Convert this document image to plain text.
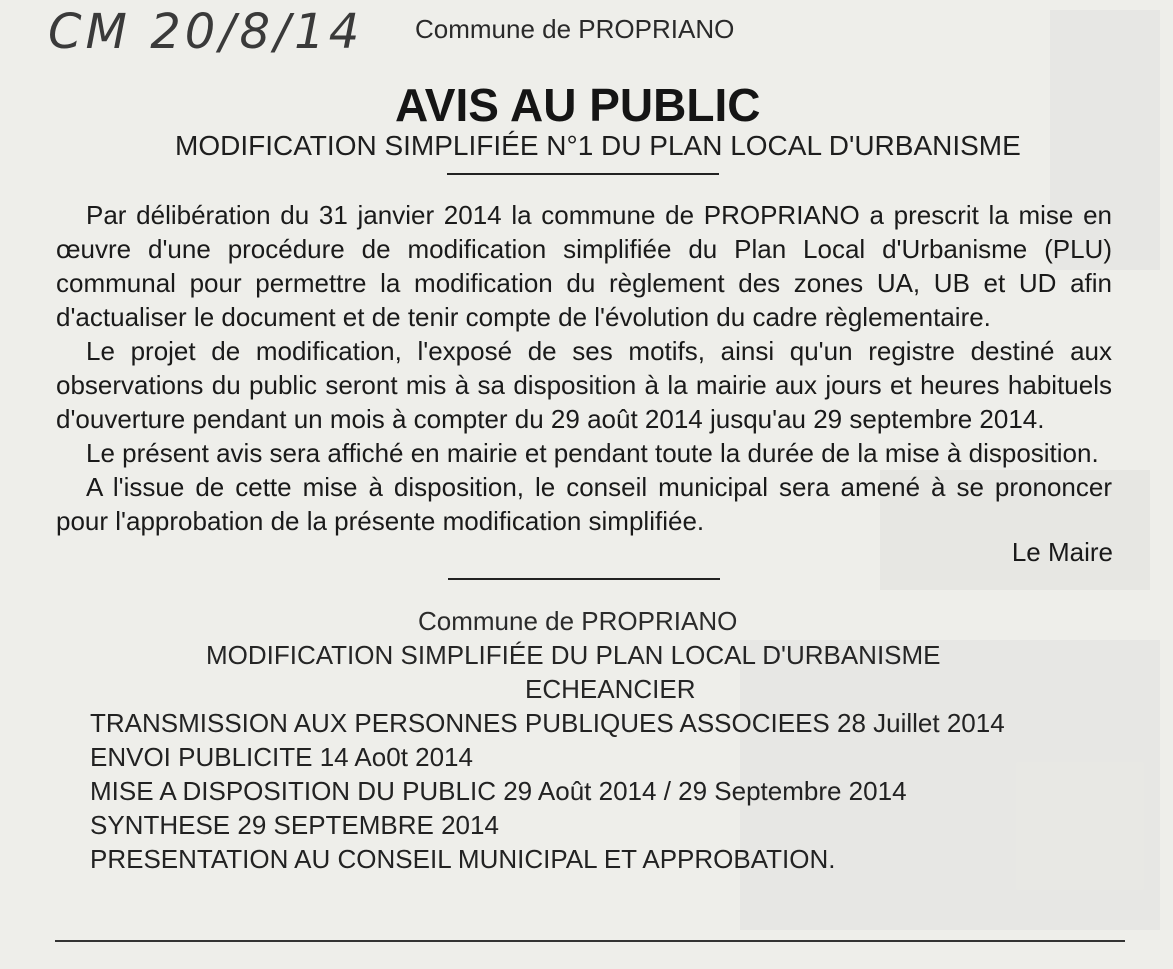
CM 20/8/14 Commune de PROPRIANO
AVIS AU PUBLIC
MODIFICATION SIMPLIFIÉE N°1 DU PLAN LOCAL D'URBANISME

Par délibération du 31 janvier 2014 la commune de PROPRIANO a prescrit la mise en œuvre d'une procédure de modification simplifiée du Plan Local d'Urbanisme (PLU) communal pour permettre la modification du règlement des zones UA, UB et UD afin d'actualiser le document et de tenir compte de l'évolution du cadre règlementaire.

Le projet de modification, l'exposé de ses motifs, ainsi qu'un registre destiné aux observations du public seront mis à sa disposition à la mairie aux jours et heures habituels d'ouverture pendant un mois à compter du 29 août 2014 jusqu'au 29 septembre 2014.

Le présent avis sera affiché en mairie et pendant toute la durée de la mise à disposition.

A l'issue de cette mise à disposition, le conseil municipal sera amené à se prononcer pour l'approbation de la présente modification simplifiée.

Le Maire
Commune de PROPRIANO
MODIFICATION SIMPLIFIÉE DU PLAN LOCAL D'URBANISME
ECHEANCIER
TRANSMISSION AUX PERSONNES PUBLIQUES ASSOCIEES 28 Juillet 2014
ENVOI PUBLICITE 14 Ao0t 2014
MISE A DISPOSITION DU PUBLIC 29 Août 2014 / 29 Septembre 2014
SYNTHESE 29 SEPTEMBRE 2014
PRESENTATION AU CONSEIL MUNICIPAL ET APPROBATION.
